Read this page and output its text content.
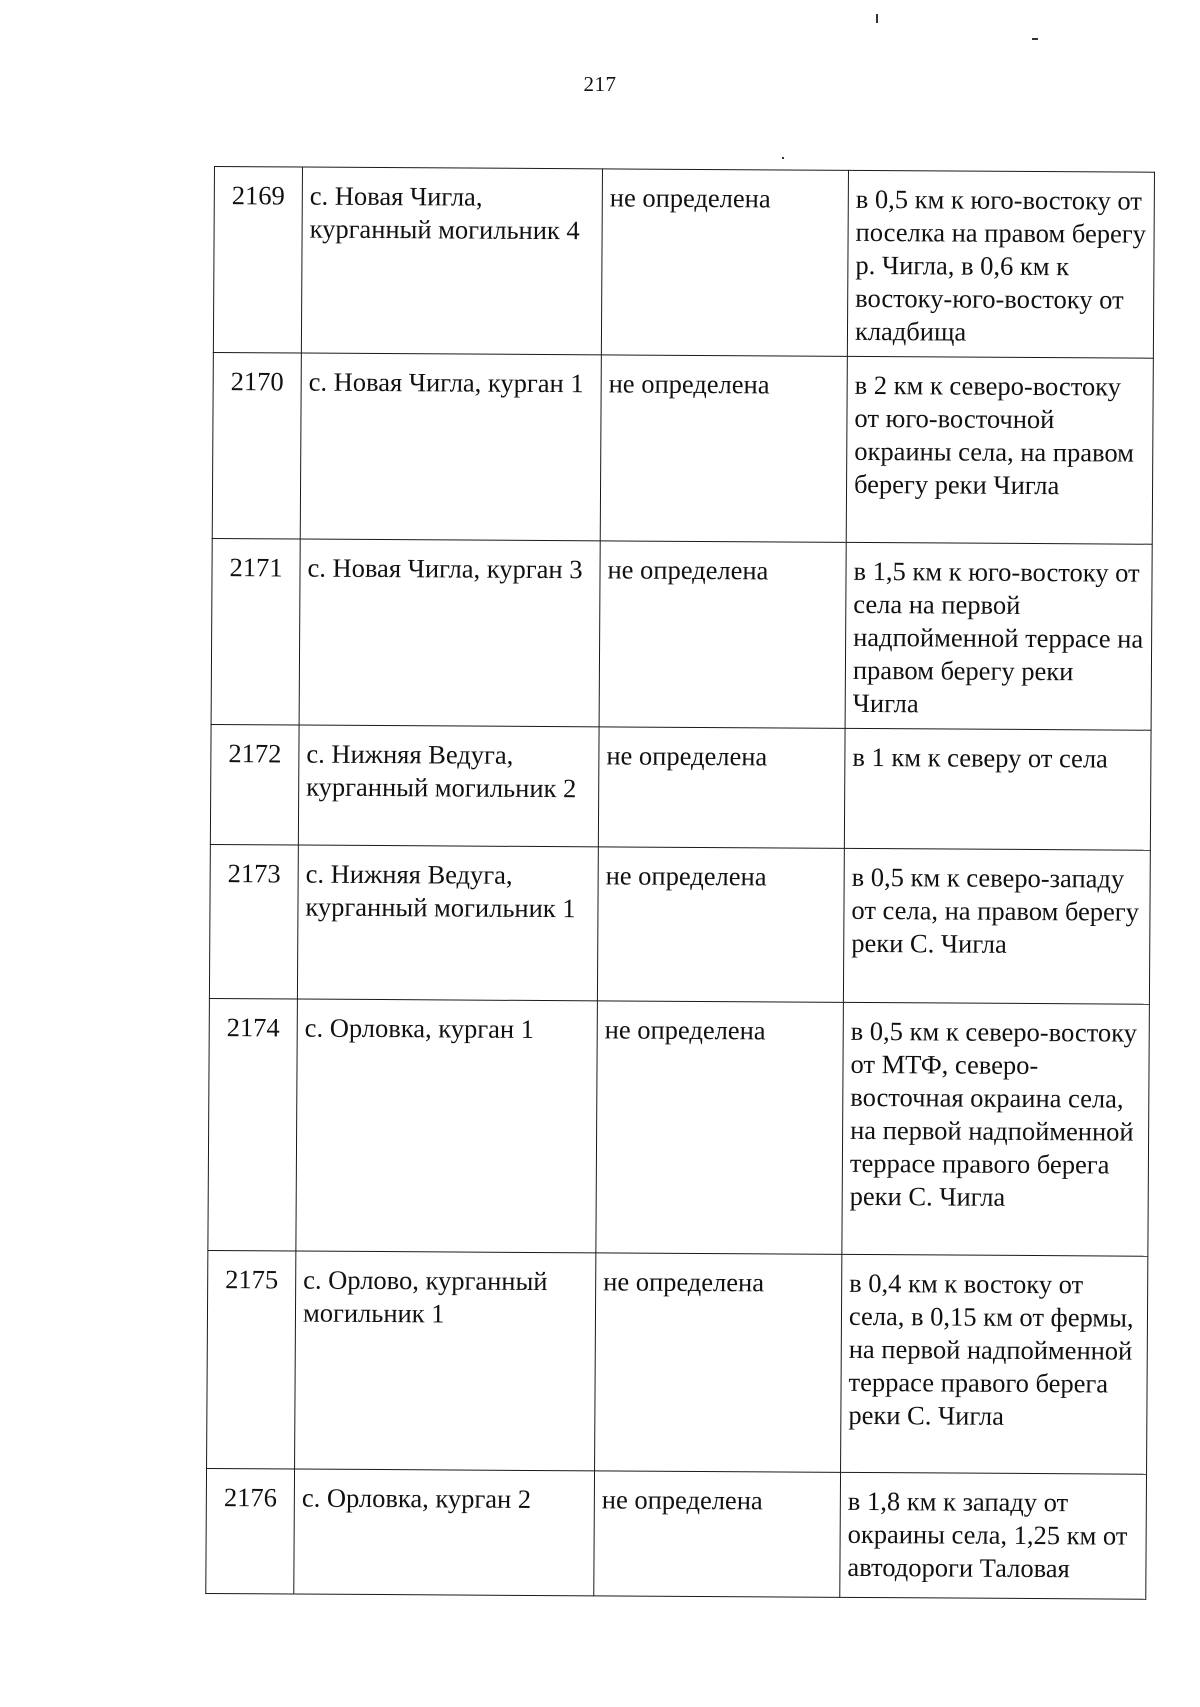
217
2169	с. Новая Чигла, курганный могильник 4	не определена	в 0,5 км к юго-востоку от поселка на правом берегу р. Чигла, в 0,6 км к востоку-юго-востоку от кладбища
2170	с. Новая Чигла, курган 1	не определена	в 2 км к северо-востоку от юго-восточной окраины села, на правом берегу реки Чигла
2171	с. Новая Чигла, курган 3	не определена	в 1,5 км к юго-востоку от села на первой надпойменной террасе на правом берегу реки Чигла
2172	с. Нижняя Ведуга, курганный могильник 2	не определена	в 1 км к северу от села
2173	с. Нижняя Ведуга, курганный могильник 1	не определена	в 0,5 км к северо-западу от села, на правом берегу реки С. Чигла
2174	с. Орловка, курган 1	не определена	в 0,5 км к северо-востоку от МТФ, северо-восточная окраина села, на первой надпойменной террасе правого берега реки С. Чигла
2175	с. Орлово, курганный могильник 1	не определена	в 0,4 км к востоку от села, в 0,15 км от фермы, на первой надпойменной террасе правого берега реки С. Чигла
2176	с. Орловка, курган 2	не определена	в 1,8 км к западу от окраины села, 1,25 км от автодороги Таловая
